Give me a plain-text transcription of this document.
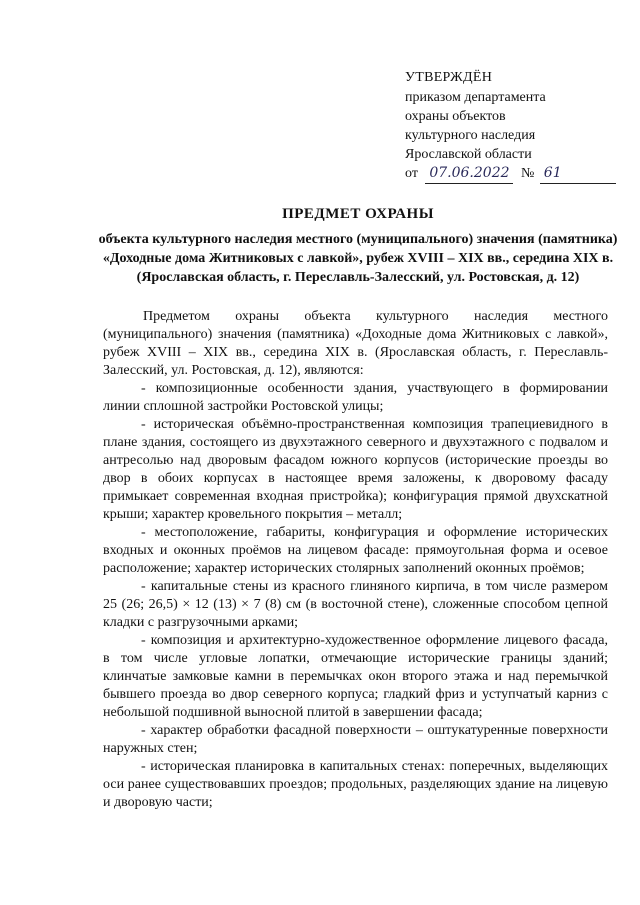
УТВЕРЖДЁН
приказом департамента
охраны объектов
культурного наследия
Ярославской области
от 07.06.2022 № 61
ПРЕДМЕТ ОХРАНЫ
объекта культурного наследия местного (муниципального) значения (памятника) «Доходные дома Житниковых с лавкой», рубеж XVIII – XIX вв., середина XIX в. (Ярославская область, г. Переславль-Залесский, ул. Ростовская, д. 12)

Предметом охраны объекта культурного наследия местного (муниципального) значения (памятника) «Доходные дома Житниковых с лавкой», рубеж XVIII – XIX вв., середина XIX в. (Ярославская область, г. Переславль-Залесский, ул. Ростовская, д. 12), являются:

- композиционные особенности здания, участвующего в формировании линии сплошной застройки Ростовской улицы;

- историческая объёмно-пространственная композиция трапециевидного в плане здания, состоящего из двухэтажного северного и двухэтажного с подвалом и антресолью над дворовым фасадом южного корпусов (исторические проезды во двор в обоих корпусах в настоящее время заложены, к дворовому фасаду примыкает современная входная пристройка); конфигурация прямой двухскатной крыши; характер кровельного покрытия – металл;

- местоположение, габариты, конфигурация и оформление исторических входных и оконных проёмов на лицевом фасаде: прямоугольная форма и осевое расположение; характер исторических столярных заполнений оконных проёмов;

- капитальные стены из красного глиняного кирпича, в том числе размером 25 (26; 26,5) × 12 (13) × 7 (8) см (в восточной стене), сложенные способом цепной кладки с разгрузочными арками;

- композиция и архитектурно-художественное оформление лицевого фасада, в том числе угловые лопатки, отмечающие исторические границы зданий; клинчатые замковые камни в перемычках окон второго этажа и над перемычкой бывшего проезда во двор северного корпуса; гладкий фриз и уступчатый карниз с небольшой подшивной выносной плитой в завершении фасада;

- характер обработки фасадной поверхности – оштукатуренные поверхности наружных стен;

- историческая планировка в капитальных стенах: поперечных, выделяющих оси ранее существовавших проездов; продольных, разделяющих здание на лицевую и дворовую части;
